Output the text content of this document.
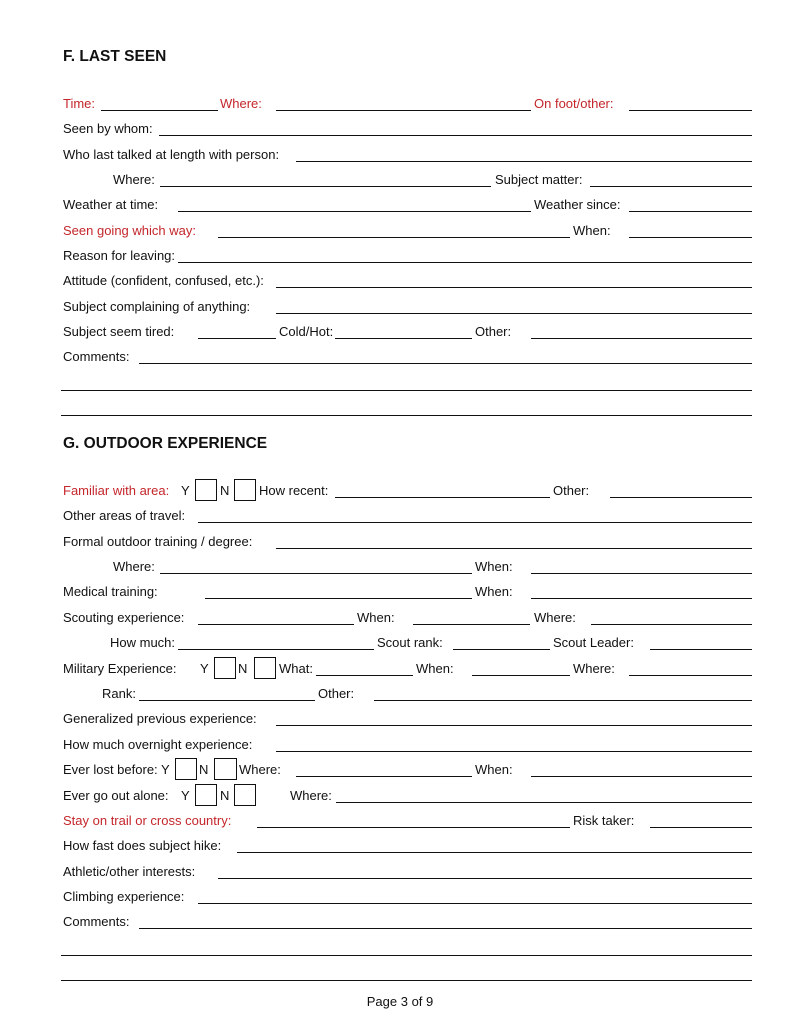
F. LAST SEEN
G. OUTDOOR EXPERIENCE
Page 3 of 9
Time:	Where:	On foot/other:
Seen by whom:
Who last talked at length with person:
Where:	Subject matter:
Weather at time:	Weather since:
Seen going which way:	When:
Reason for leaving:
Attitude (confident, confused, etc.):
Subject complaining of anything:
Subject seem tired:	Cold/Hot:	Other:
Comments:
Familiar with area: Y N How recent:	Other:
Other areas of travel:
Formal outdoor training / degree:
Where:	When:
Medical training:	When:
Scouting experience:	When:	Where:
How much:	Scout rank:	Scout Leader:
Military Experience: Y N What:	When:	Where:
Rank:	Other:
Generalized previous experience:
How much overnight experience:
Ever lost before: Y N Where:	When:
Ever go out alone: Y N	Where:
Stay on trail or cross country:	Risk taker:
How fast does subject hike:
Athletic/other interests:
Climbing experience:
Comments:
